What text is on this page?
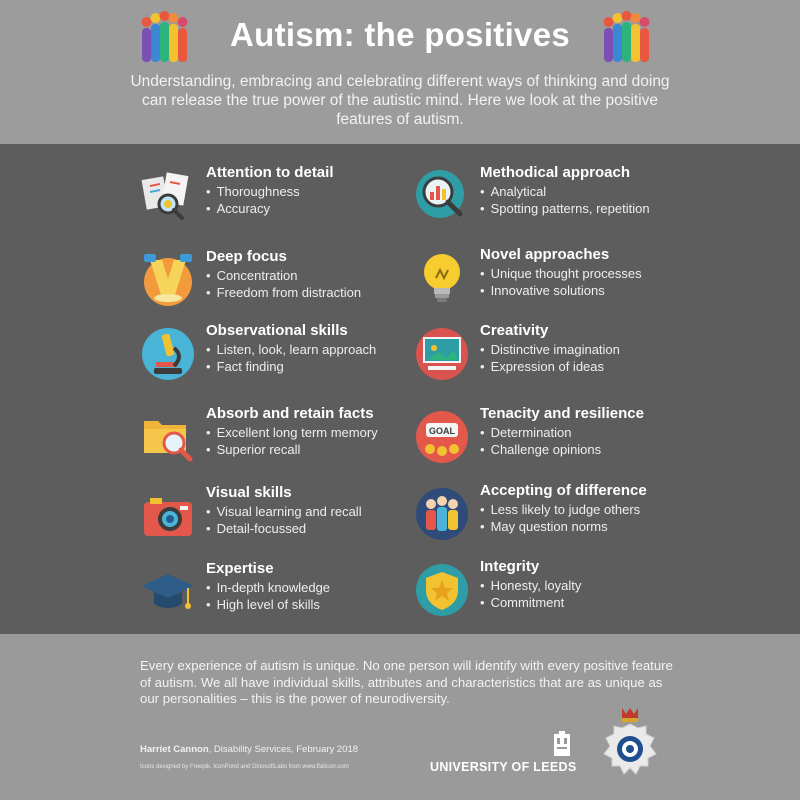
Autism: the positives
Understanding, embracing and celebrating different ways of thinking and doing can release the true power of the autistic mind. Here we look at the positive features of autism.
Attention to detail
• Thoroughness
• Accuracy
Methodical approach
• Analytical
• Spotting patterns, repetition
Deep focus
• Concentration
• Freedom from distraction
Novel approaches
• Unique thought processes
• Innovative solutions
Observational skills
• Listen, look, learn approach
• Fact finding
Creativity
• Distinctive imagination
• Expression of ideas
Absorb and retain facts
• Excellent long term memory
• Superior recall
GOAL
Tenacity and resilience
• Determination
• Challenge opinions
Visual skills
• Visual learning and recall
• Detail-focussed
Accepting of difference
• Less likely to judge others
• May question norms
Expertise
• In-depth knowledge
• High level of skills
Integrity
• Honesty, loyalty
• Commitment
Every experience of autism is unique. No one person will identify with every positive feature of autism. We all have individual skills, attributes and characteristics that are as unique as our personalities – this is the power of neurodiversity.
Harriet Cannon, Disability Services, February 2018
Icons designed by Freepik, IconPond and DinosoftLabs from www.flaticon.com	UNIVERSITY OF LEEDS
